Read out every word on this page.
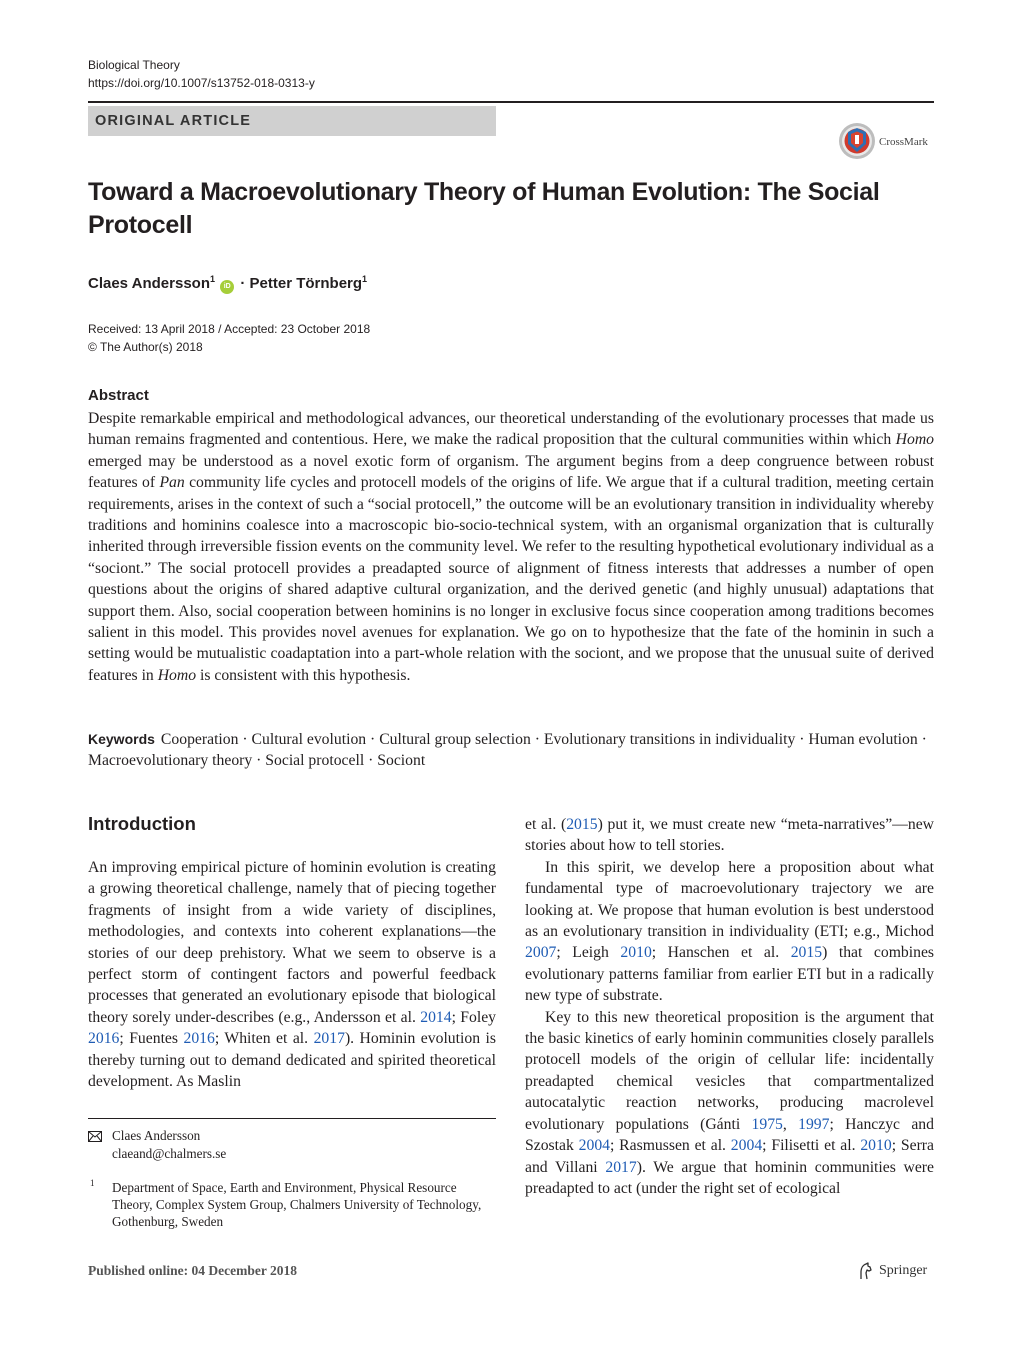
Biological Theory
https://doi.org/10.1007/s13752-018-0313-y
ORIGINAL ARTICLE
CrossMark
Toward a Macroevolutionary Theory of Human Evolution: The Social Protocell
Claes Andersson$^1$ iD · Petter Törnberg$^1$
Received: 13 April 2018 / Accepted: 23 October 2018
© The Author(s) 2018
Abstract
Despite remarkable empirical and methodological advances, our theoretical understanding of the evolutionary processes that made us human remains fragmented and contentious. Here, we make the radical proposition that the cultural communities within which Homo emerged may be understood as a novel exotic form of organism. The argument begins from a deep congruence between robust features of Pan community life cycles and protocell models of the origins of life. We argue that if a cultural tradition, meeting certain requirements, arises in the context of such a “social protocell,” the outcome will be an evolutionary transition in individuality whereby traditions and hominins coalesce into a macroscopic bio-socio-technical system, with an organismal organization that is culturally inherited through irreversible fission events on the community level. We refer to the resulting hypothetical evolutionary individual as a “sociont.” The social protocell provides a preadapted source of alignment of fitness interests that addresses a number of open questions about the origins of shared adaptive cultural organization, and the derived genetic (and highly unusual) adaptations that support them. Also, social cooperation between hominins is no longer in exclusive focus since cooperation among traditions becomes salient in this model. This provides novel avenues for explanation. We go on to hypothesize that the fate of the hominin in such a setting would be mutualistic coadaptation into a part-whole relation with the sociont, and we propose that the unusual suite of derived features in Homo is consistent with this hypothesis.
Keywords Cooperation · Cultural evolution · Cultural group selection · Evolutionary transitions in individuality · Human evolution · Macroevolutionary theory · Social protocell · Sociont
Introduction

An improving empirical picture of hominin evolution is creating a growing theoretical challenge, namely that of piecing together fragments of insight from a wide variety of disciplines, methodologies, and contexts into coherent explanations—the stories of our deep prehistory. What we seem to observe is a perfect storm of contingent factors and powerful feedback processes that generated an evolutionary episode that biological theory sorely under-describes (e.g., Andersson et al. 2014; Foley 2016; Fuentes 2016; Whiten et al. 2017). Hominin evolution is thereby turning out to demand dedicated and spirited theoretical development. As Maslin

et al. (2015) put it, we must create new “meta-narratives”—new stories about how to tell stories.

In this spirit, we develop here a proposition about what fundamental type of macroevolutionary trajectory we are looking at. We propose that human evolution is best understood as an evolutionary transition in individuality (ETI; e.g., Michod 2007; Leigh 2010; Hanschen et al. 2015) that combines evolutionary patterns familiar from earlier ETI but in a radically new type of substrate.

Key to this new theoretical proposition is the argument that the basic kinetics of early hominin communities closely parallels protocell models of the origin of cellular life: incidentally preadapted chemical vesicles that compartmentalized autocatalytic reaction networks, producing macrolevel evolutionary populations (Gánti 1975, 1997; Hanczyc and Szostak 2004; Rasmussen et al. 2004; Filisetti et al. 2010; Serra and Villani 2017). We argue that hominin communities were preadapted to act (under the right set of ecological

Claes Andersson
claeand@chalmers.se
1 Department of Space, Earth and Environment, Physical Resource Theory, Complex System Group, Chalmers University of Technology, Gothenburg, Sweden
Published online: 04 December 2018	Springer
